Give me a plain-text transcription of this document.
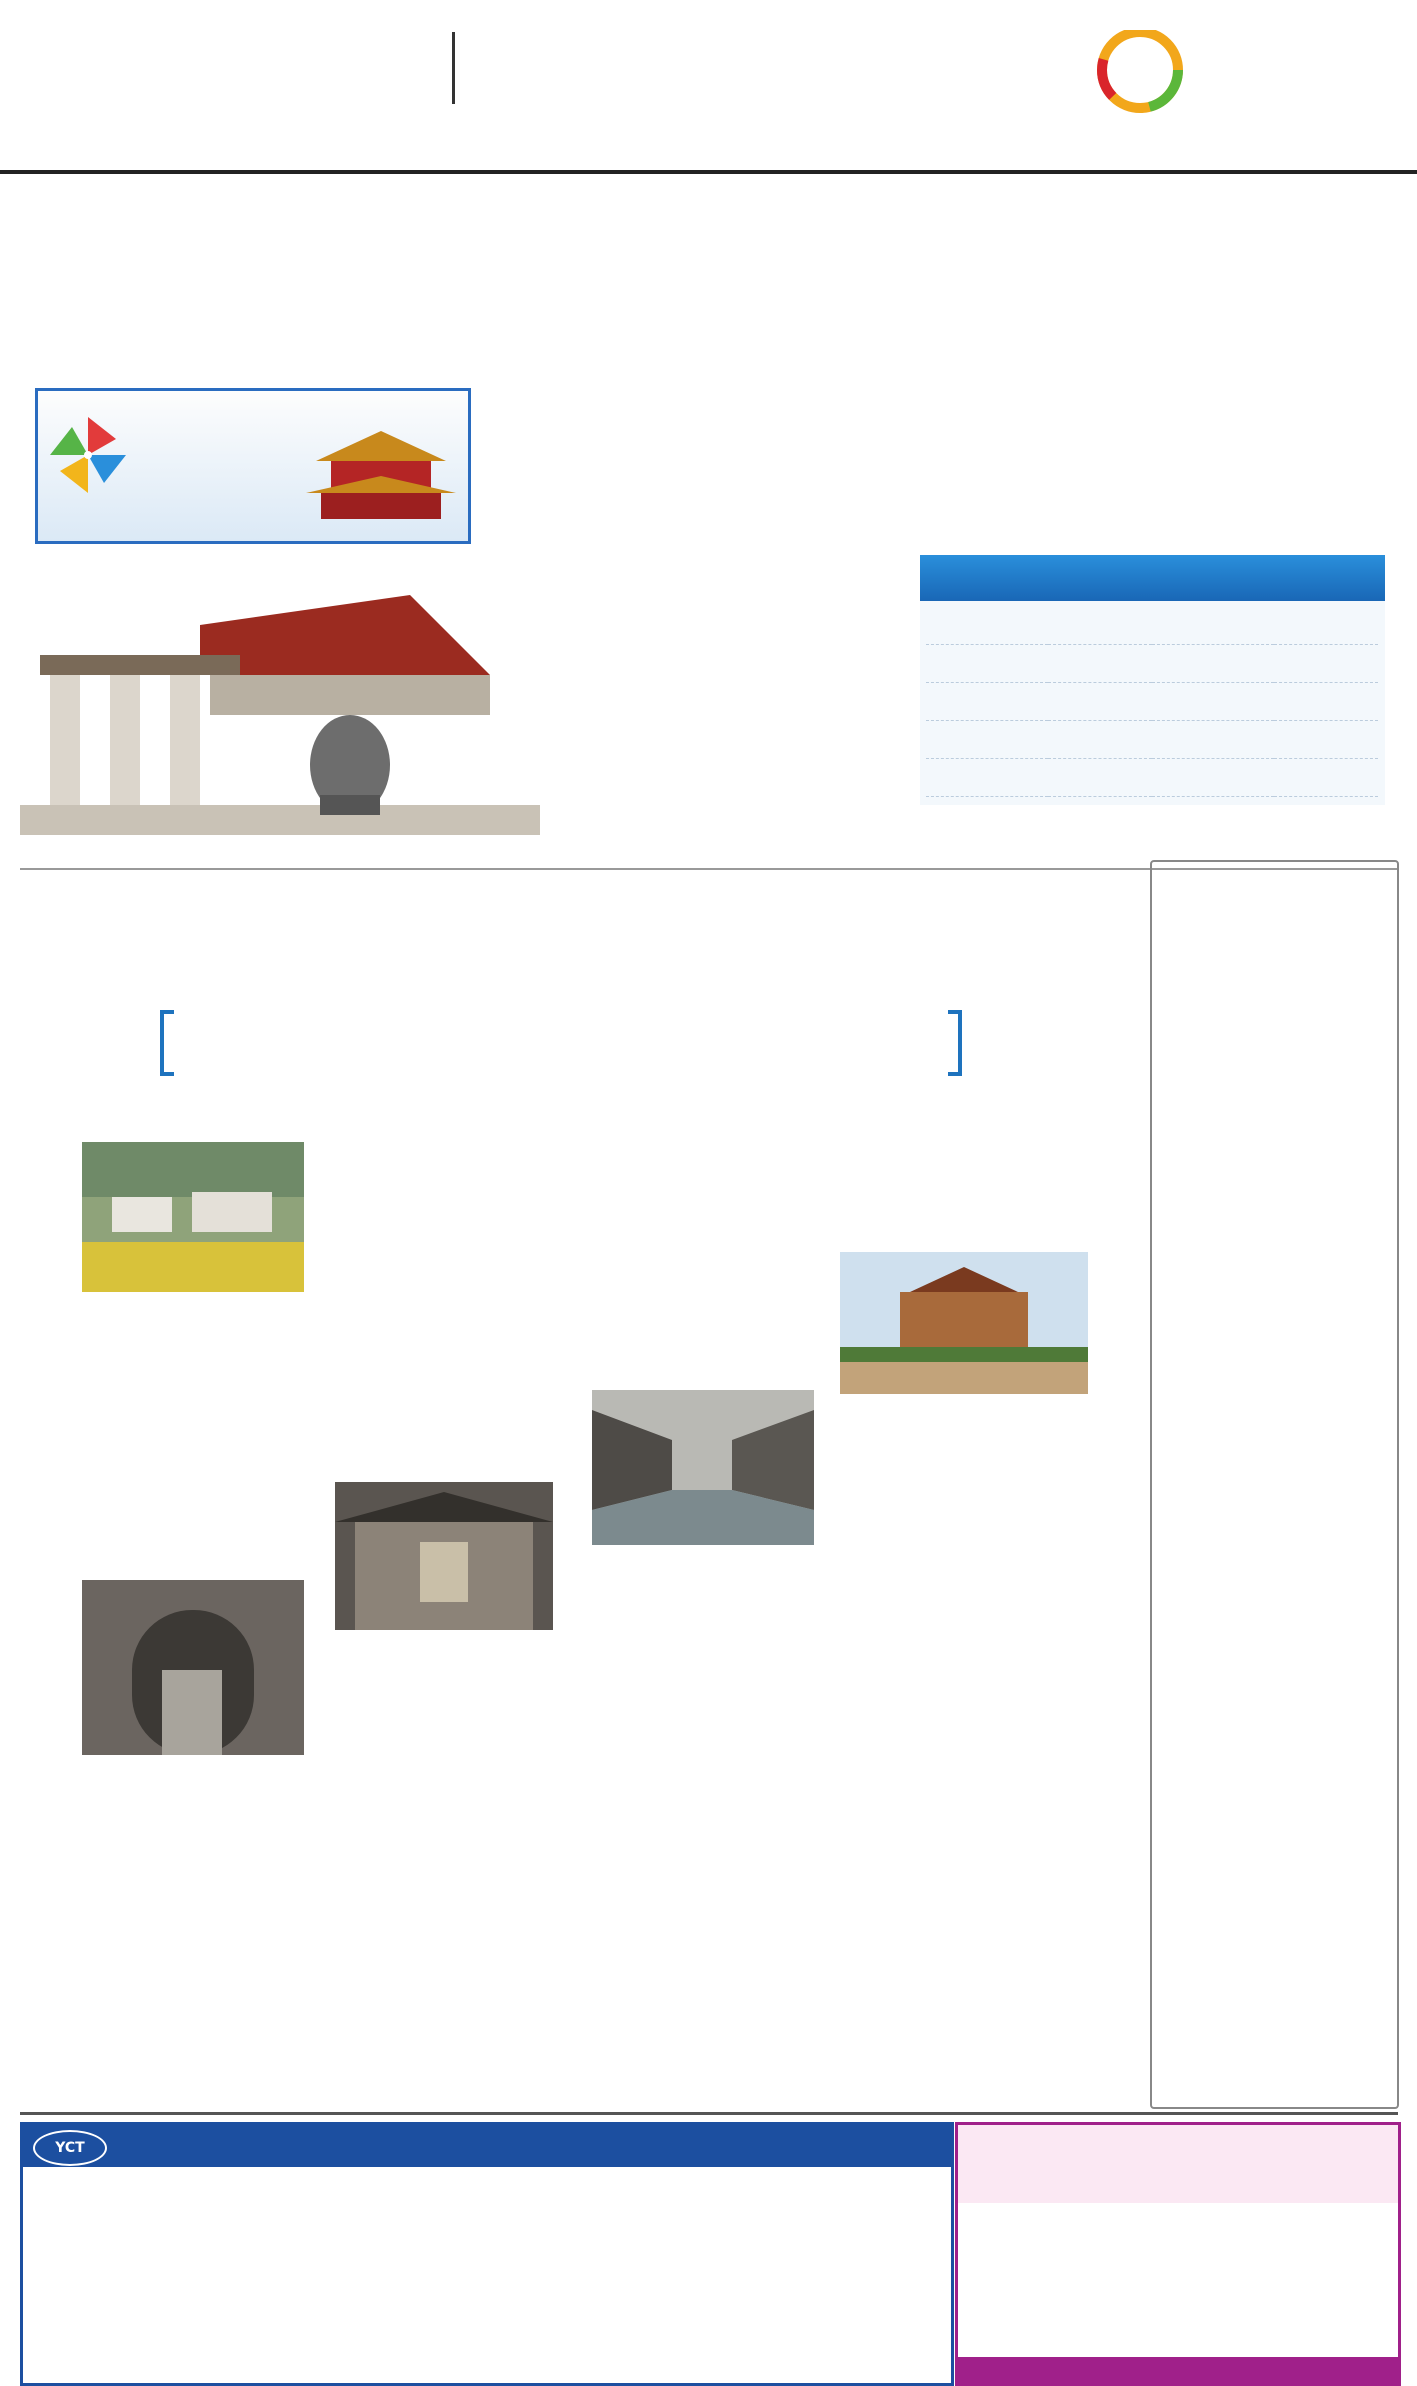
YCT
